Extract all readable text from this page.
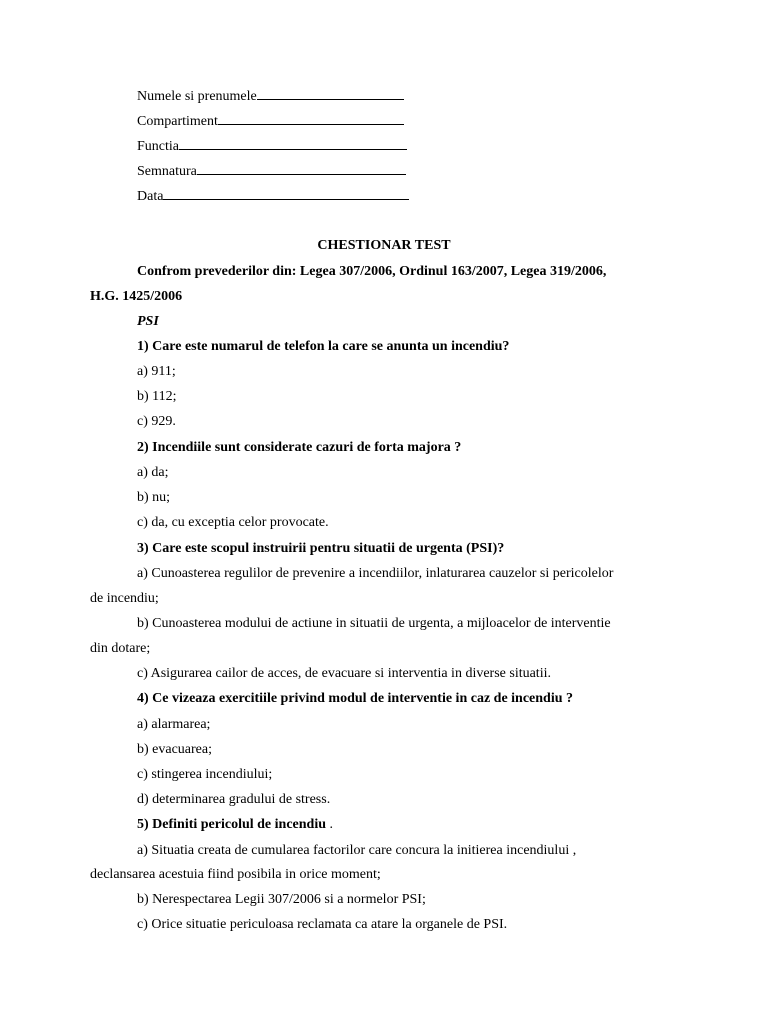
Numele si prenumele
Compartiment
Functia
Semnatura
Data
CHESTIONAR TEST
Confrom prevederilor din: Legea 307/2006, Ordinul 163/2007, Legea 319/2006,
H.G. 1425/2006
PSI
1) Care este numarul de telefon la care se anunta un incendiu?
a) 911;
b) 112;
c) 929.
2) Incendiile sunt considerate cazuri de forta majora ?
a) da;
b) nu;
c) da, cu exceptia celor provocate.
3) Care este scopul instruirii pentru situatii de urgenta (PSI)?
a) Cunoasterea regulilor de prevenire a incendiilor, inlaturarea cauzelor si pericolelor
de incendiu;
b) Cunoasterea modului de actiune in situatii de urgenta, a mijloacelor de interventie
din dotare;
c) Asigurarea cailor de acces, de evacuare si interventia in diverse situatii.
4) Ce vizeaza exercitiile privind modul de interventie in caz de incendiu ?
a) alarmarea;
b) evacuarea;
c) stingerea incendiului;
d) determinarea gradului de stress.
5) Definiti pericolul de incendiu .
a) Situatia creata de cumularea factorilor care concura la initierea incendiului ,
declansarea acestuia fiind posibila in orice moment;
b) Nerespectarea Legii 307/2006 si a normelor PSI;
c) Orice situatie periculoasa reclamata ca atare la organele de PSI.
